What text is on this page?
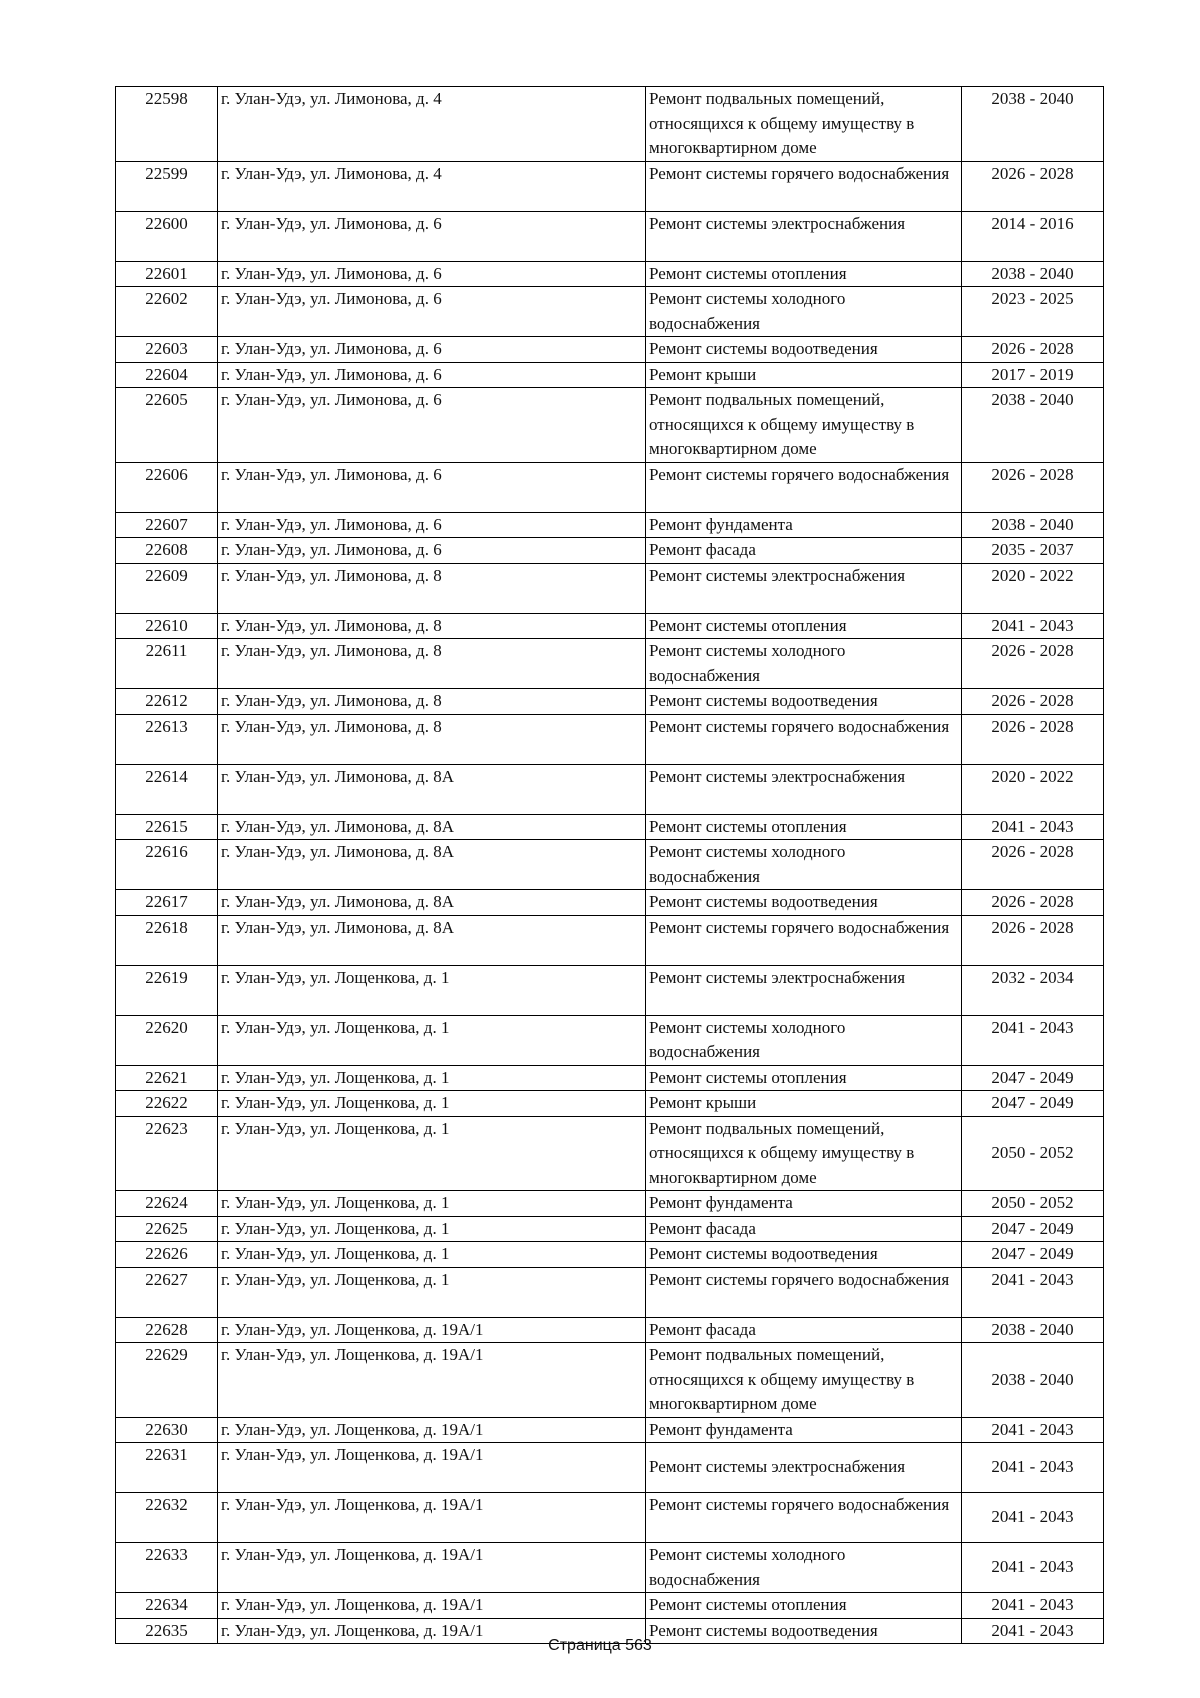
22598	г. Улан-Удэ, ул. Лимонова, д. 4	Ремонт подвальных помещений, относящихся к общему имуществу в многоквартирном доме	2038 - 2040
22599	г. Улан-Удэ, ул. Лимонова, д. 4	Ремонт системы горячего водоснабжения	2026 - 2028
22600	г. Улан-Удэ, ул. Лимонова, д. 6	Ремонт системы электроснабжения	2014 - 2016
22601	г. Улан-Удэ, ул. Лимонова, д. 6	Ремонт системы отопления	2038 - 2040
22602	г. Улан-Удэ, ул. Лимонова, д. 6	Ремонт системы холодного водоснабжения	2023 - 2025
22603	г. Улан-Удэ, ул. Лимонова, д. 6	Ремонт системы водоотведения	2026 - 2028
22604	г. Улан-Удэ, ул. Лимонова, д. 6	Ремонт крыши	2017 - 2019
22605	г. Улан-Удэ, ул. Лимонова, д. 6	Ремонт подвальных помещений, относящихся к общему имуществу в многоквартирном доме	2038 - 2040
22606	г. Улан-Удэ, ул. Лимонова, д. 6	Ремонт системы горячего водоснабжения	2026 - 2028
22607	г. Улан-Удэ, ул. Лимонова, д. 6	Ремонт фундамента	2038 - 2040
22608	г. Улан-Удэ, ул. Лимонова, д. 6	Ремонт фасада	2035 - 2037
22609	г. Улан-Удэ, ул. Лимонова, д. 8	Ремонт системы электроснабжения	2020 - 2022
22610	г. Улан-Удэ, ул. Лимонова, д. 8	Ремонт системы отопления	2041 - 2043
22611	г. Улан-Удэ, ул. Лимонова, д. 8	Ремонт системы холодного водоснабжения	2026 - 2028
22612	г. Улан-Удэ, ул. Лимонова, д. 8	Ремонт системы водоотведения	2026 - 2028
22613	г. Улан-Удэ, ул. Лимонова, д. 8	Ремонт системы горячего водоснабжения	2026 - 2028
22614	г. Улан-Удэ, ул. Лимонова, д. 8А	Ремонт системы электроснабжения	2020 - 2022
22615	г. Улан-Удэ, ул. Лимонова, д. 8А	Ремонт системы отопления	2041 - 2043
22616	г. Улан-Удэ, ул. Лимонова, д. 8А	Ремонт системы холодного водоснабжения	2026 - 2028
22617	г. Улан-Удэ, ул. Лимонова, д. 8А	Ремонт системы водоотведения	2026 - 2028
22618	г. Улан-Удэ, ул. Лимонова, д. 8А	Ремонт системы горячего водоснабжения	2026 - 2028
22619	г. Улан-Удэ, ул. Лощенкова, д. 1	Ремонт системы электроснабжения	2032 - 2034
22620	г. Улан-Удэ, ул. Лощенкова, д. 1	Ремонт системы холодного водоснабжения	2041 - 2043
22621	г. Улан-Удэ, ул. Лощенкова, д. 1	Ремонт системы отопления	2047 - 2049
22622	г. Улан-Удэ, ул. Лощенкова, д. 1	Ремонт крыши	2047 - 2049
22623	г. Улан-Удэ, ул. Лощенкова, д. 1	Ремонт подвальных помещений, относящихся к общему имуществу в многоквартирном доме	2050 - 2052
22624	г. Улан-Удэ, ул. Лощенкова, д. 1	Ремонт фундамента	2050 - 2052
22625	г. Улан-Удэ, ул. Лощенкова, д. 1	Ремонт фасада	2047 - 2049
22626	г. Улан-Удэ, ул. Лощенкова, д. 1	Ремонт системы водоотведения	2047 - 2049
22627	г. Улан-Удэ, ул. Лощенкова, д. 1	Ремонт системы горячего водоснабжения	2041 - 2043
22628	г. Улан-Удэ, ул. Лощенкова, д. 19А/1	Ремонт фасада	2038 - 2040
22629	г. Улан-Удэ, ул. Лощенкова, д. 19А/1	Ремонт подвальных помещений, относящихся к общему имуществу в многоквартирном доме	2038 - 2040
22630	г. Улан-Удэ, ул. Лощенкова, д. 19А/1	Ремонт фундамента	2041 - 2043
22631	г. Улан-Удэ, ул. Лощенкова, д. 19А/1	Ремонт системы электроснабжения	2041 - 2043
22632	г. Улан-Удэ, ул. Лощенкова, д. 19А/1	Ремонт системы горячего водоснабжения	2041 - 2043
22633	г. Улан-Удэ, ул. Лощенкова, д. 19А/1	Ремонт системы холодного водоснабжения	2041 - 2043
22634	г. Улан-Удэ, ул. Лощенкова, д. 19А/1	Ремонт системы отопления	2041 - 2043
22635	г. Улан-Удэ, ул. Лощенкова, д. 19А/1	Ремонт системы водоотведения	2041 - 2043
Страница 563
